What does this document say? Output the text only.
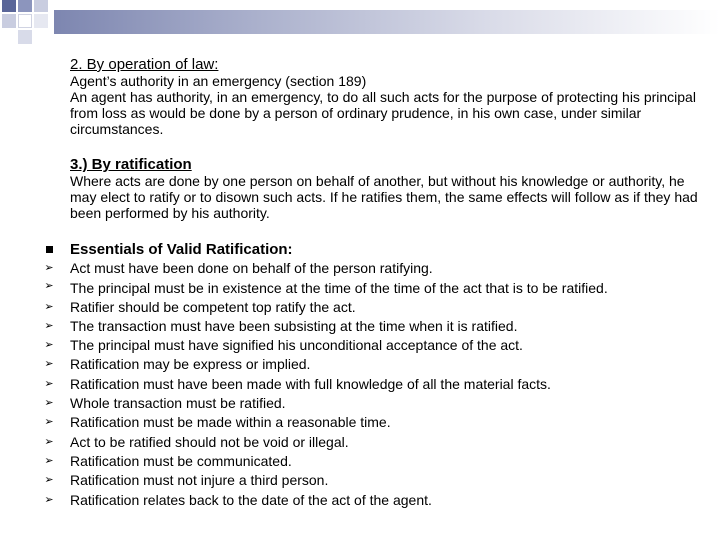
2. By operation of law:
Agent’s authority in an emergency (section 189)
An agent has authority, in an emergency, to do all such acts for the purpose of protecting his principal from loss as would be done by a person of ordinary prudence, in his own case, under similar circumstances.
3.) By ratification
Where acts are done by one person on behalf of another, but without his knowledge or authority, he may elect to ratify or to disown such acts. If he ratifies them, the same effects will follow as if they had been performed by his authority.
Essentials of Valid Ratification:
➢
Act must have been done on behalf of the person ratifying.
➢
The principal must be in existence at the time of the time of the act that is to be ratified.
➢
Ratifier should be competent top ratify the act.
➢
The transaction must have been subsisting at the time when it is ratified.
➢
The principal must have signified his unconditional acceptance of the act.
➢
Ratification may be express or implied.
➢
Ratification must have been made with full knowledge of all the material facts.
➢
Whole transaction must be ratified.
➢
Ratification must be made within a reasonable time.
➢
Act to be ratified should not be void or illegal.
➢
Ratification must be communicated.
➢
Ratification must not injure a third person.
➢
Ratification relates back to the date of the act of the agent.
